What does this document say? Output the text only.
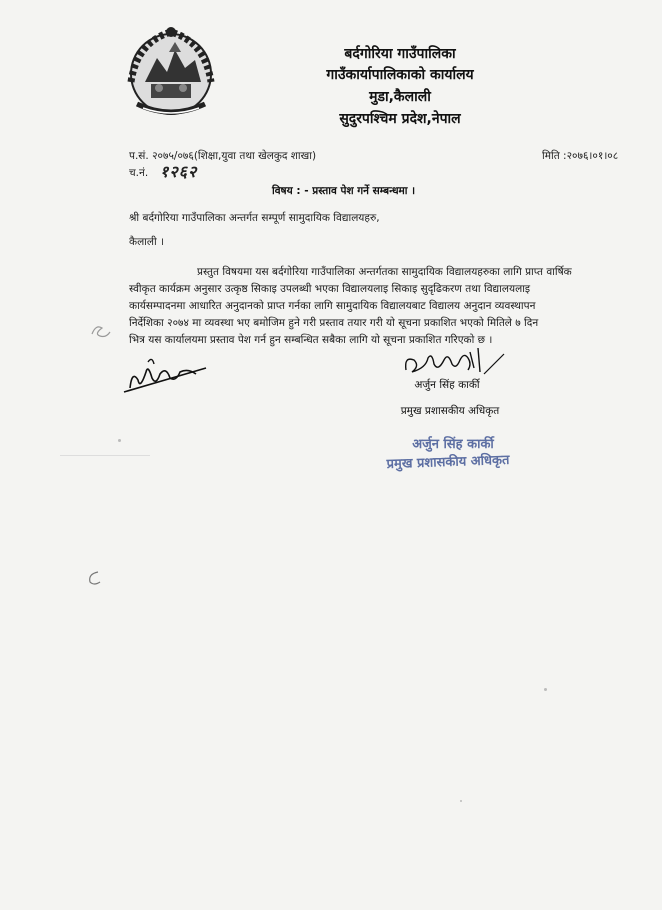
बर्दगोरिया गाउँपालिका
गाउँकार्यापालिकाको कार्यालय
मुडा,कैलाली
सुदुरपश्चिम प्रदेश,नेपाल
प.सं. २०७५/०७६(शिक्षा,युवा तथा खेलकुद शाखा)	मिति :२०७६।०१।०८
च.नं. १२६२
विषय : - प्रस्ताव पेश गर्ने सम्बन्धमा ।
श्री बर्दगोरिया गाउँपालिका अन्तर्गत सम्पूर्ण सामुदायिक विद्यालयहरु,
कैलाली ।
प्रस्तुत विषयमा यस बर्दगोरिया गाउँपालिका अन्तर्गतका सामुदायिक विद्यालयहरुका लागि प्राप्त वार्षिक
स्वीकृत कार्यक्रम अनुसार उत्कृष्ठ सिकाइ उपलब्धी भएका विद्यालयलाइ सिकाइ सुदृढिकरण तथा विद्यालयलाइ
कार्यसम्पादनमा आधारित अनुदानको प्राप्त गर्नका लागि सामुदायिक विद्यालयबाट विद्यालय अनुदान व्यवस्थापन
निर्देशिका २०७४ मा व्यवस्था भए बमोजिम हुने गरी प्रस्ताव तयार गरी यो सूचना प्रकाशित भएको मितिले ७ दिन
भित्र यस कार्यालयमा प्रस्ताव पेश गर्न हुन सम्बन्धित सबैका लागि यो सूचना प्रकाशित गरिएको छ ।
अर्जुन सिंह कार्की
प्रमुख प्रशासकीय अधिकृत
अर्जुन सिंह कार्की
प्रमुख प्रशासकीय अधिकृत
